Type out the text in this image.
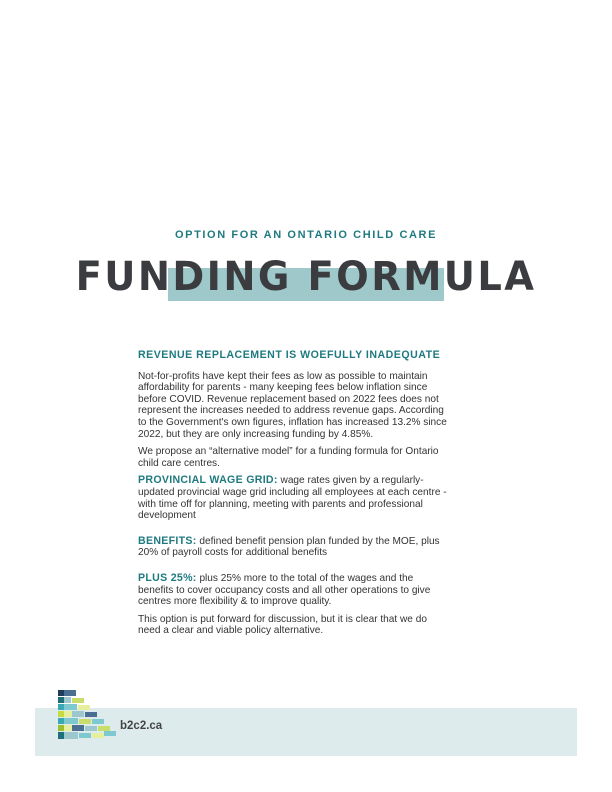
OPTION FOR AN ONTARIO CHILD CARE
FUNDING FORMULA
REVENUE REPLACEMENT IS WOEFULLY INADEQUATE

Not-for-profits have kept their fees as low as possible to maintain affordability for parents - many keeping fees below inflation since before COVID. Revenue replacement based on 2022 fees does not represent the increases needed to address revenue gaps. According to the Government's own figures, inflation has increased 13.2% since 2022, but they are only increasing funding by 4.85%.

We propose an “alternative model” for a funding formula for Ontario child care centres.

PROVINCIAL WAGE GRID: wage rates given by a regularly-updated provincial wage grid including all employees at each centre - with time off for planning, meeting with parents and professional development

BENEFITS: defined benefit pension plan funded by the MOE, plus 20% of payroll costs for additional benefits

PLUS 25%: plus 25% more to the total of the wages and the benefits to cover occupancy costs and all other operations to give centres more flexibility & to improve quality.

This option is put forward for discussion, but it is clear that we do need a clear and viable policy alternative.

b2c2.ca
